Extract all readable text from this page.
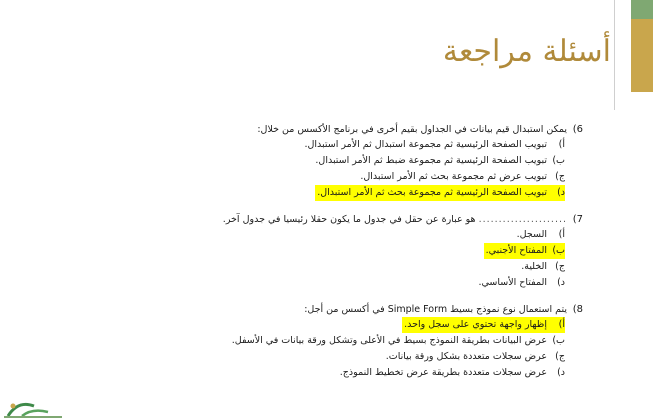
أسئلة مراجعة
6)
يمكن استبدال قيم بيانات في الجداول بقيم أخرى في برنامج الأكسس من خلال:
أ)
تبويب الصفحة الرئيسية ثم مجموعة استبدال ثم الأمر استبدال.
ب)
تبويب الصفحة الرئيسية ثم مجموعة ضبط ثم الأمر استبدال.
ج)
تبويب عرض ثم مجموعة بحث ثم الأمر استبدال.
د)
تبويب الصفحة الرئيسية ثم مجموعة بحث ثم الأمر استبدال.
7)
......................
هو عبارة عن حقل في جدول ما يكون حقلا رئيسيا في جدول آخر.
أ)
السجل.
ب)
المفتاح الأجنبي.
ج)
الخلية.
د)
المفتاح الأساسي.
8)
يتم استعمال نوع نموذج بسيط Simple Form في أكسس من أجل:
أ)
إظهار واجهة تحتوي على سجل واحد.
ب)
عرض البيانات بطريقة النموذج بسيط في الأعلى وتشكل ورقة بيانات في الأسفل.
ج)
عرض سجلات متعددة بشكل ورقة بيانات.
د)
عرض سجلات متعددة بطريقة عرض تخطيط النموذج.
